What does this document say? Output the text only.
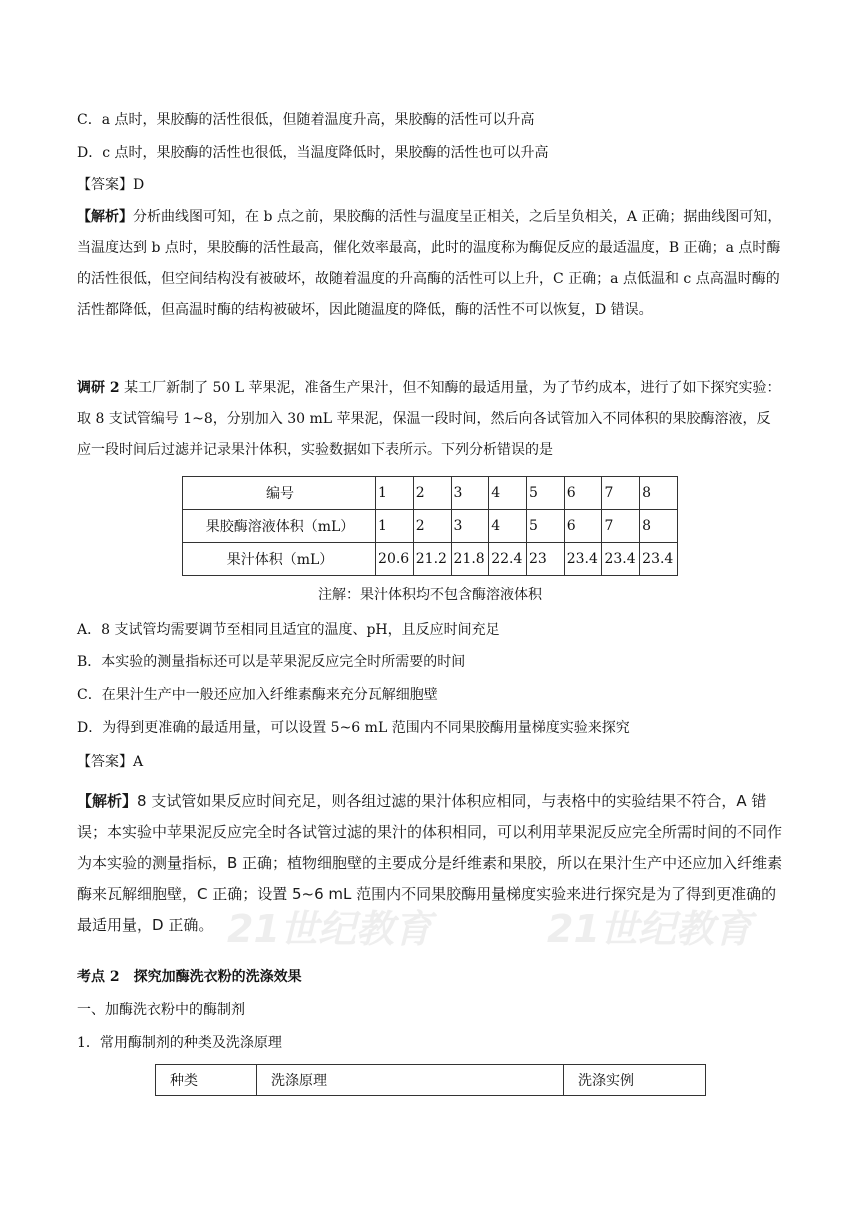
C．a 点时，果胶酶的活性很低，但随着温度升高，果胶酶的活性可以升高
D．c 点时，果胶酶的活性也很低，当温度降低时，果胶酶的活性也可以升高
【答案】D
【解析】分析曲线图可知，在 b 点之前，果胶酶的活性与温度呈正相关，之后呈负相关，A 正确；据曲线图可知，当温度达到 b 点时，果胶酶的活性最高，催化效率最高，此时的温度称为酶促反应的最适温度，B 正确；a 点时酶的活性很低，但空间结构没有被破坏，故随着温度的升高酶的活性可以上升，C 正确；a 点低温和 c 点高温时酶的活性都降低，但高温时酶的结构被破坏，因此随温度的降低，酶的活性不可以恢复，D 错误。
调研 2 某工厂新制了 50 L 苹果泥，准备生产果汁，但不知酶的最适用量，为了节约成本，进行了如下探究实验：取 8 支试管编号 1~8，分别加入 30 mL 苹果泥，保温一段时间，然后向各试管加入不同体积的果胶酶溶液，反应一段时间后过滤并记录果汁体积，实验数据如下表所示。下列分析错误的是
编号	1	2	3	4	5	6	7	8
果胶酶溶液体积（mL）	1	2	3	4	5	6	7	8
果汁体积（mL）	20.6	21.2	21.8	22.4	23	23.4	23.4	23.4
注解：果汁体积均不包含酶溶液体积
A．8 支试管均需要调节至相同且适宜的温度、pH，且反应时间充足
B．本实验的测量指标还可以是苹果泥反应完全时所需要的时间
C．在果汁生产中一般还应加入纤维素酶来充分瓦解细胞壁
D．为得到更准确的最适用量，可以设置 5~6 mL 范围内不同果胶酶用量梯度实验来探究
【答案】A
21世纪教育	21世纪教育
【解析】8 支试管如果反应时间充足，则各组过滤的果汁体积应相同，与表格中的实验结果不符合，A 错误；本实验中苹果泥反应完全时各试管过滤的果汁的体积相同，可以利用苹果泥反应完全所需时间的不同作为本实验的测量指标，B 正确；植物细胞壁的主要成分是纤维素和果胶，所以在果汁生产中还应加入纤维素酶来瓦解细胞壁，C 正确；设置 5~6 mL 范围内不同果胶酶用量梯度实验来进行探究是为了得到更准确的最适用量，D 正确。
考点 2　探究加酶洗衣粉的洗涤效果
一、加酶洗衣粉中的酶制剂
1．常用酶制剂的种类及洗涤原理
种类	洗涤原理	洗涤实例
